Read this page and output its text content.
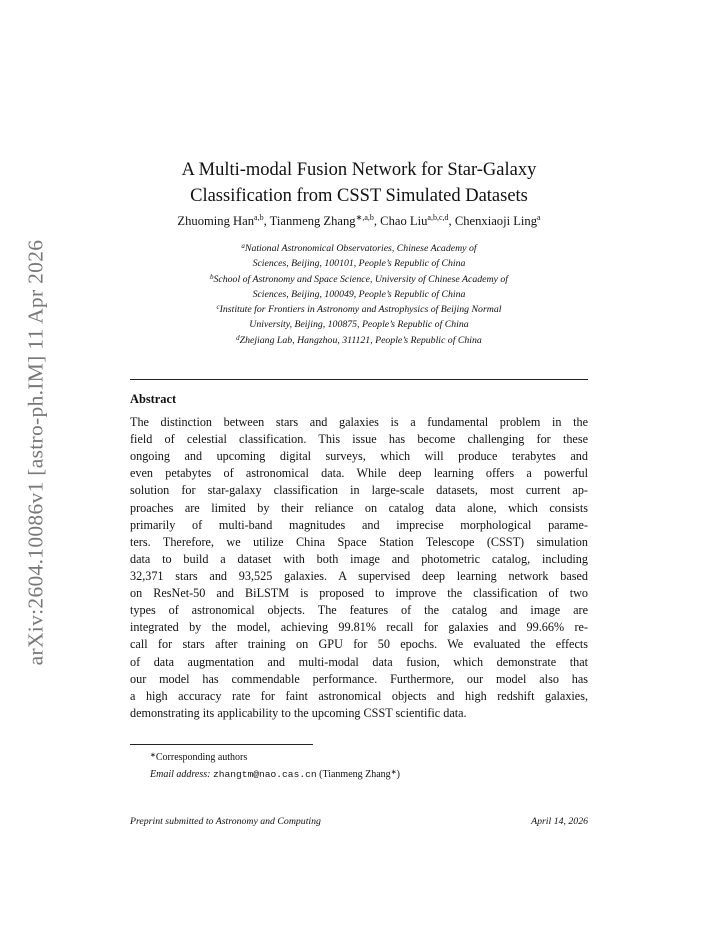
arXiv:2604.10086v1 [astro-ph.IM] 11 Apr 2026
A Multi-modal Fusion Network for Star-Galaxy
Classification from CSST Simulated Datasets
Zhuoming Han$^{a,b}$, Tianmeng Zhang$^{∗,a,b}$, Chao Liu$^{a,b,c,d}$, Chenxiaoji Ling$^a$
$^a$National Astronomical Observatories, Chinese Academy of
Sciences, Beijing, 100101, People’s Republic of China
$^b$School of Astronomy and Space Science, University of Chinese Academy of
Sciences, Beijing, 100049, People’s Republic of China
$^c$Institute for Frontiers in Astronomy and Astrophysics of Beijing Normal
University, Beijing, 100875, People’s Republic of China
$^d$Zhejiang Lab, Hangzhou, 311121, People’s Republic of China
Abstract
The distinction between stars and galaxies is a fundamental problem in the
field of celestial classification. This issue has become challenging for these
ongoing and upcoming digital surveys, which will produce terabytes and
even petabytes of astronomical data. While deep learning offers a powerful
solution for star-galaxy classification in large-scale datasets, most current ap-
proaches are limited by their reliance on catalog data alone, which consists
primarily of multi-band magnitudes and imprecise morphological parame-
ters. Therefore, we utilize China Space Station Telescope (CSST) simulation
data to build a dataset with both image and photometric catalog, including
32,371 stars and 93,525 galaxies. A supervised deep learning network based
on ResNet-50 and BiLSTM is proposed to improve the classification of two
types of astronomical objects. The features of the catalog and image are
integrated by the model, achieving 99.81% recall for galaxies and 99.66% re-
call for stars after training on GPU for 50 epochs. We evaluated the effects
of data augmentation and multi-modal data fusion, which demonstrate that
our model has commendable performance. Furthermore, our model also has
a high accuracy rate for faint astronomical objects and high redshift galaxies,
demonstrating its applicability to the upcoming CSST scientific data.
∗Corresponding authors
Email address: zhangtm@nao.cas.cn (Tianmeng Zhang∗)
Preprint submitted to Astronomy and Computing	April 14, 2026
